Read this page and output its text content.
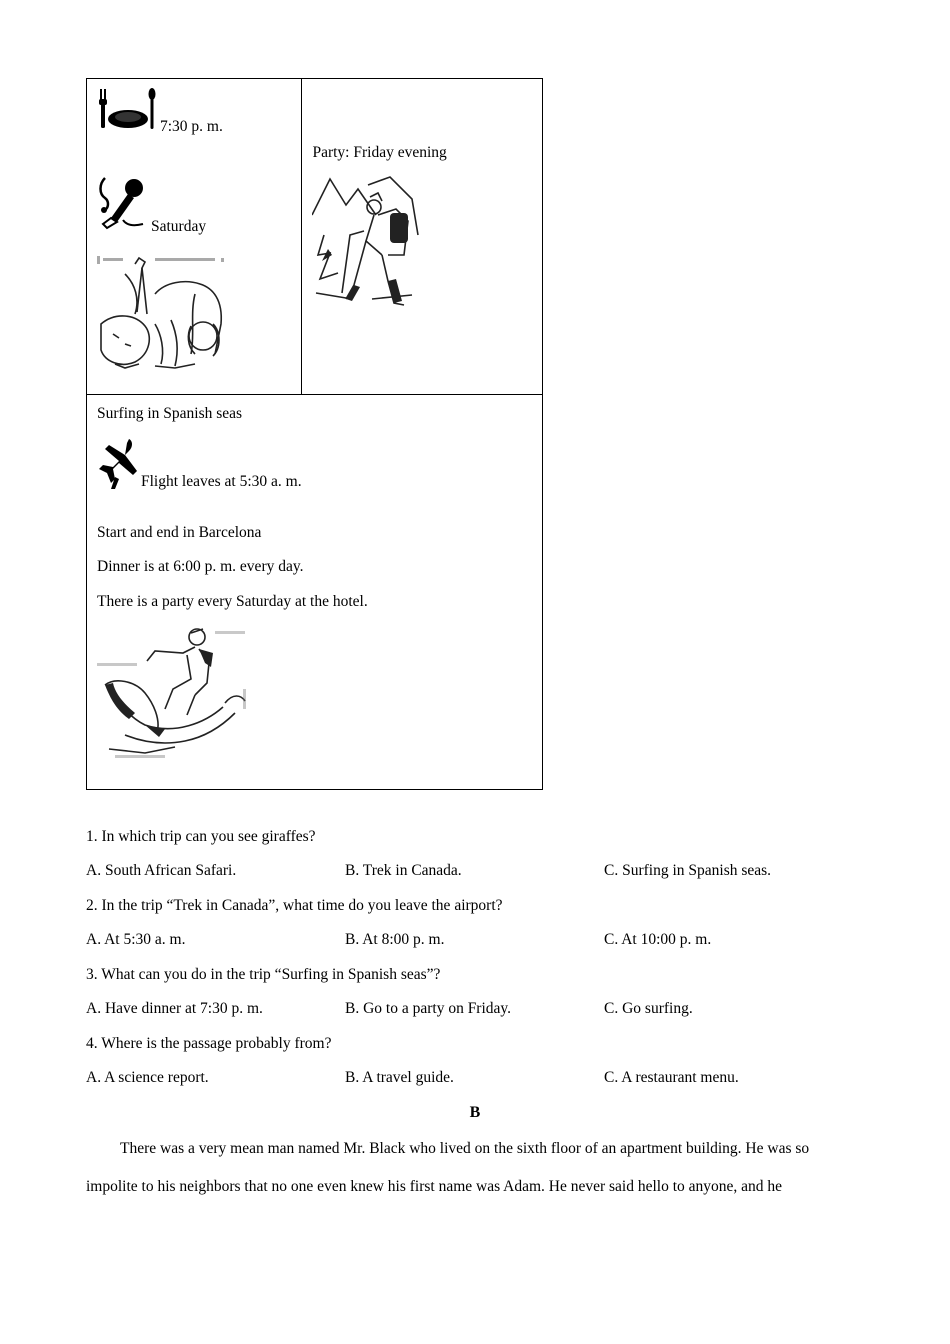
7:30 p. m.
Saturday

Party: Friday evening

Surfing in Spanish seas
Flight leaves at 5:30 a. m.
Start and end in Barcelona
Dinner is at 6:00 p. m. every day.
There is a party every Saturday at the hotel.
1. In which trip can you see giraffes?
A. South African Safari.	B. Trek in Canada.	C. Surfing in Spanish seas.
2. In the trip “Trek in Canada”, what time do you leave the airport?
A. At 5:30 a. m.	B. At 8:00 p. m.	C. At 10:00 p. m.
3. What can you do in the trip “Surfing in Spanish seas”?
A. Have dinner at 7:30 p. m.	B. Go to a party on Friday.	C. Go surfing.
4. Where is the passage probably from?
A. A science report.	B. A travel guide.	C. A restaurant menu.
B
There was a very mean man named Mr. Black who lived on the sixth floor of an apartment building. He was so impolite to his neighbors that no one even knew his first name was Adam. He never said hello to anyone, and he
